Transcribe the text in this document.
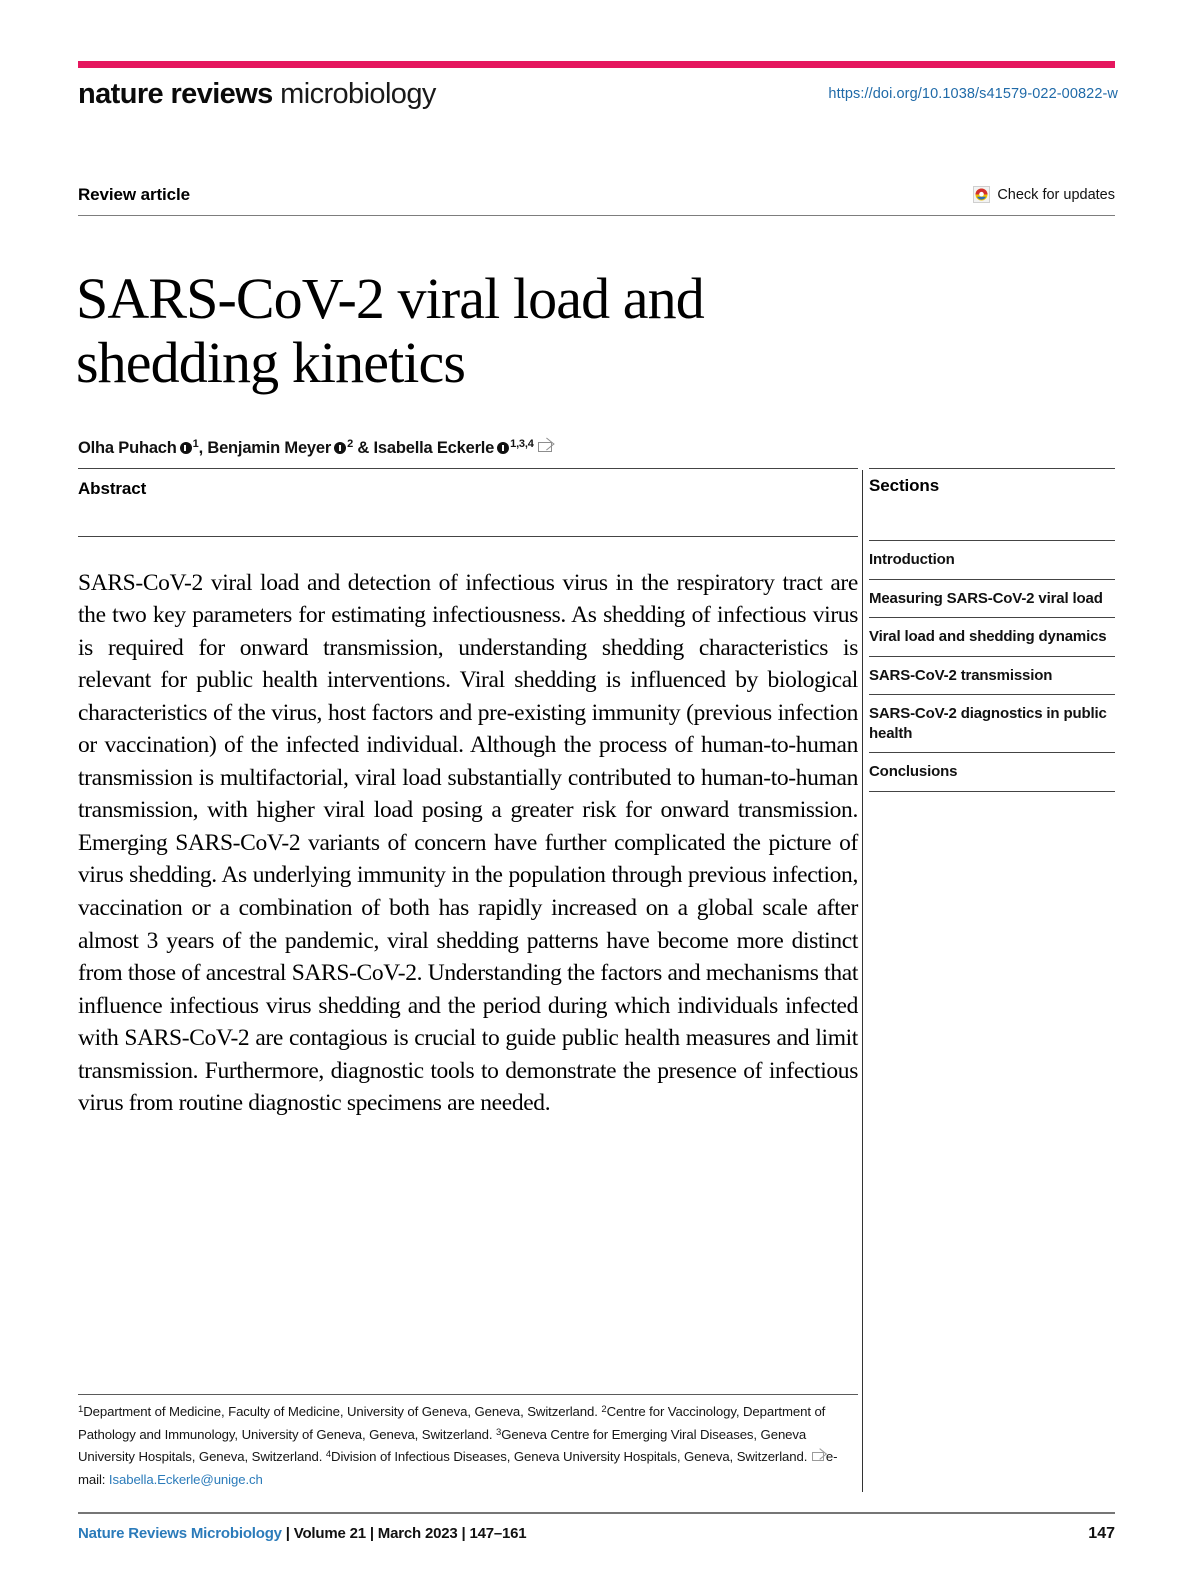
nature reviews microbiology	https://doi.org/10.1038/s41579-022-00822-w
Review article	Check for updates
SARS-CoV-2 viral load and shedding kinetics
Olha Puhach $^1$, Benjamin Meyer $^2$ & Isabella Eckerle $^{1,3,4}$
Abstract

SARS-CoV-2 viral load and detection of infectious virus in the respiratory tract are the two key parameters for estimating infectiousness. As shedding of infectious virus is required for onward transmission, understanding shedding characteristics is relevant for public health interventions. Viral shedding is influenced by biological characteristics of the virus, host factors and pre-existing immunity (previous infection or vaccination) of the infected individual. Although the process of human-to-human transmission is multifactorial, viral load substantially contributed to human-to-human transmission, with higher viral load posing a greater risk for onward transmission. Emerging SARS-CoV-2 variants of concern have further complicated the picture of virus shedding. As underlying immunity in the population through previous infection, vaccination or a combination of both has rapidly increased on a global scale after almost 3 years of the pandemic, viral shedding patterns have become more distinct from those of ancestral SARS-CoV-2. Understanding the factors and mechanisms that influence infectious virus shedding and the period during which individuals infected with SARS-CoV-2 are contagious is crucial to guide public health measures and limit transmission. Furthermore, diagnostic tools to demonstrate the presence of infectious virus from routine diagnostic specimens are needed.

Sections
Introduction
Measuring SARS-CoV-2 viral load
Viral load and shedding dynamics
SARS-CoV-2 transmission
SARS-CoV-2 diagnostics in public health
Conclusions
$^1$Department of Medicine, Faculty of Medicine, University of Geneva, Geneva, Switzerland. $^2$Centre for Vaccinology, Department of Pathology and Immunology, University of Geneva, Geneva, Switzerland. $^3$Geneva Centre for Emerging Viral Diseases, Geneva University Hospitals, Geneva, Switzerland. $^4$Division of Infectious Diseases, Geneva University Hospitals, Geneva, Switzerland. e-mail: Isabella.Eckerle@unige.ch
Nature Reviews Microbiology | Volume 21 | March 2023 | 147–161	147
